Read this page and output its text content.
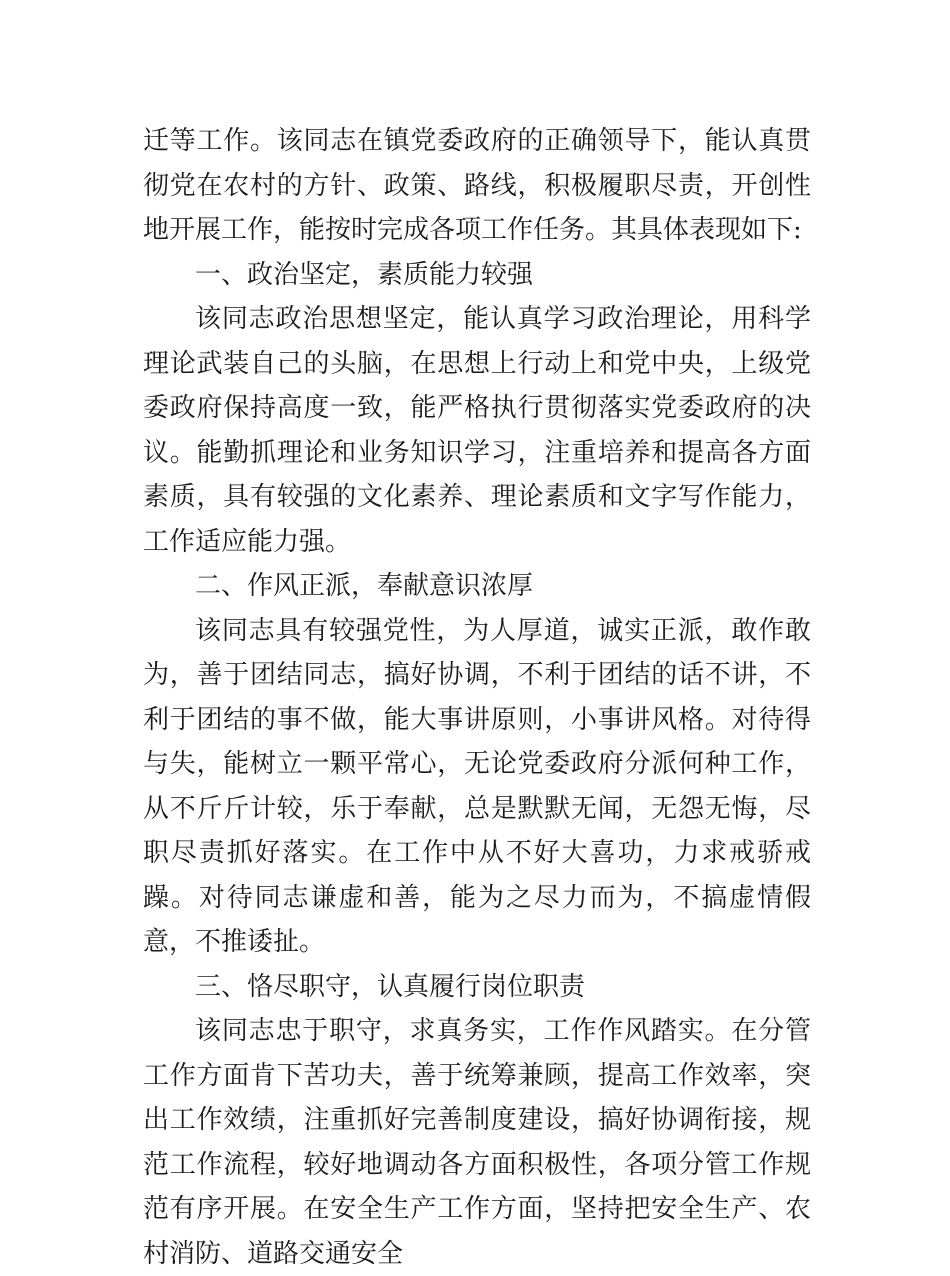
迁等工作。该同志在镇党委政府的正确领导下，能认真贯彻党在农村的方针、政策、路线，积极履职尽责，开创性地开展工作，能按时完成各项工作任务。其具体表现如下:

一、政治坚定，素质能力较强

该同志政治思想坚定，能认真学习政治理论，用科学理论武装自己的头脑，在思想上行动上和党中央，上级党委政府保持高度一致，能严格执行贯彻落实党委政府的决议。能勤抓理论和业务知识学习，注重培养和提高各方面素质，具有较强的文化素养、理论素质和文字写作能力，工作适应能力强。

二、作风正派，奉献意识浓厚

该同志具有较强党性，为人厚道，诚实正派，敢作敢为，善于团结同志，搞好协调，不利于团结的话不讲，不利于团结的事不做，能大事讲原则，小事讲风格。对待得与失，能树立一颗平常心，无论党委政府分派何种工作，从不斤斤计较，乐于奉献，总是默默无闻，无怨无悔，尽职尽责抓好落实。在工作中从不好大喜功，力求戒骄戒躁。对待同志谦虚和善，能为之尽力而为，不搞虚情假意，不推诿扯。

三、恪尽职守，认真履行岗位职责

该同志忠于职守，求真务实，工作作风踏实。在分管工作方面肯下苦功夫，善于统筹兼顾，提高工作效率，突出工作效绩，注重抓好完善制度建设，搞好协调衔接，规范工作流程，较好地调动各方面积极性，各项分管工作规范有序开展。在安全生产工作方面，坚持把安全生产、农村消防、道路交通安全
